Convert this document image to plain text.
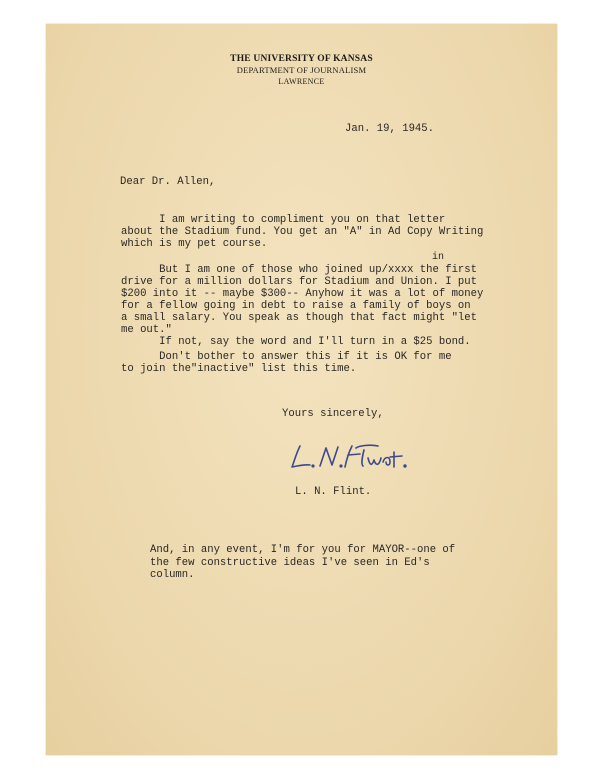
THE UNIVERSITY OF KANSAS
DEPARTMENT OF JOURNALISM
LAWRENCE
Jan. 19, 1945.
Dear Dr. Allen,
I am writing to compliment you on that letter
about the Stadium fund. You get an "A" in Ad Copy Writing
which is my pet course.
in
But I am one of those who joined up/xxxx the first
drive for a million dollars for Stadium and Union. I put
$200 into it -- maybe $300-- Anyhow it was a lot of money
for a fellow going in debt to raise a family of boys on
a small salary. You speak as though that fact might "let
me out."
If not, say the word and I'll turn in a $25 bond.
Don't bother to answer this if it is OK for me
to join the"inactive" list this time.
Yours sincerely,
L. N. Flint.
And, in any event, I'm for you for MAYOR--one of
the few constructive ideas I've seen in Ed's
column.
